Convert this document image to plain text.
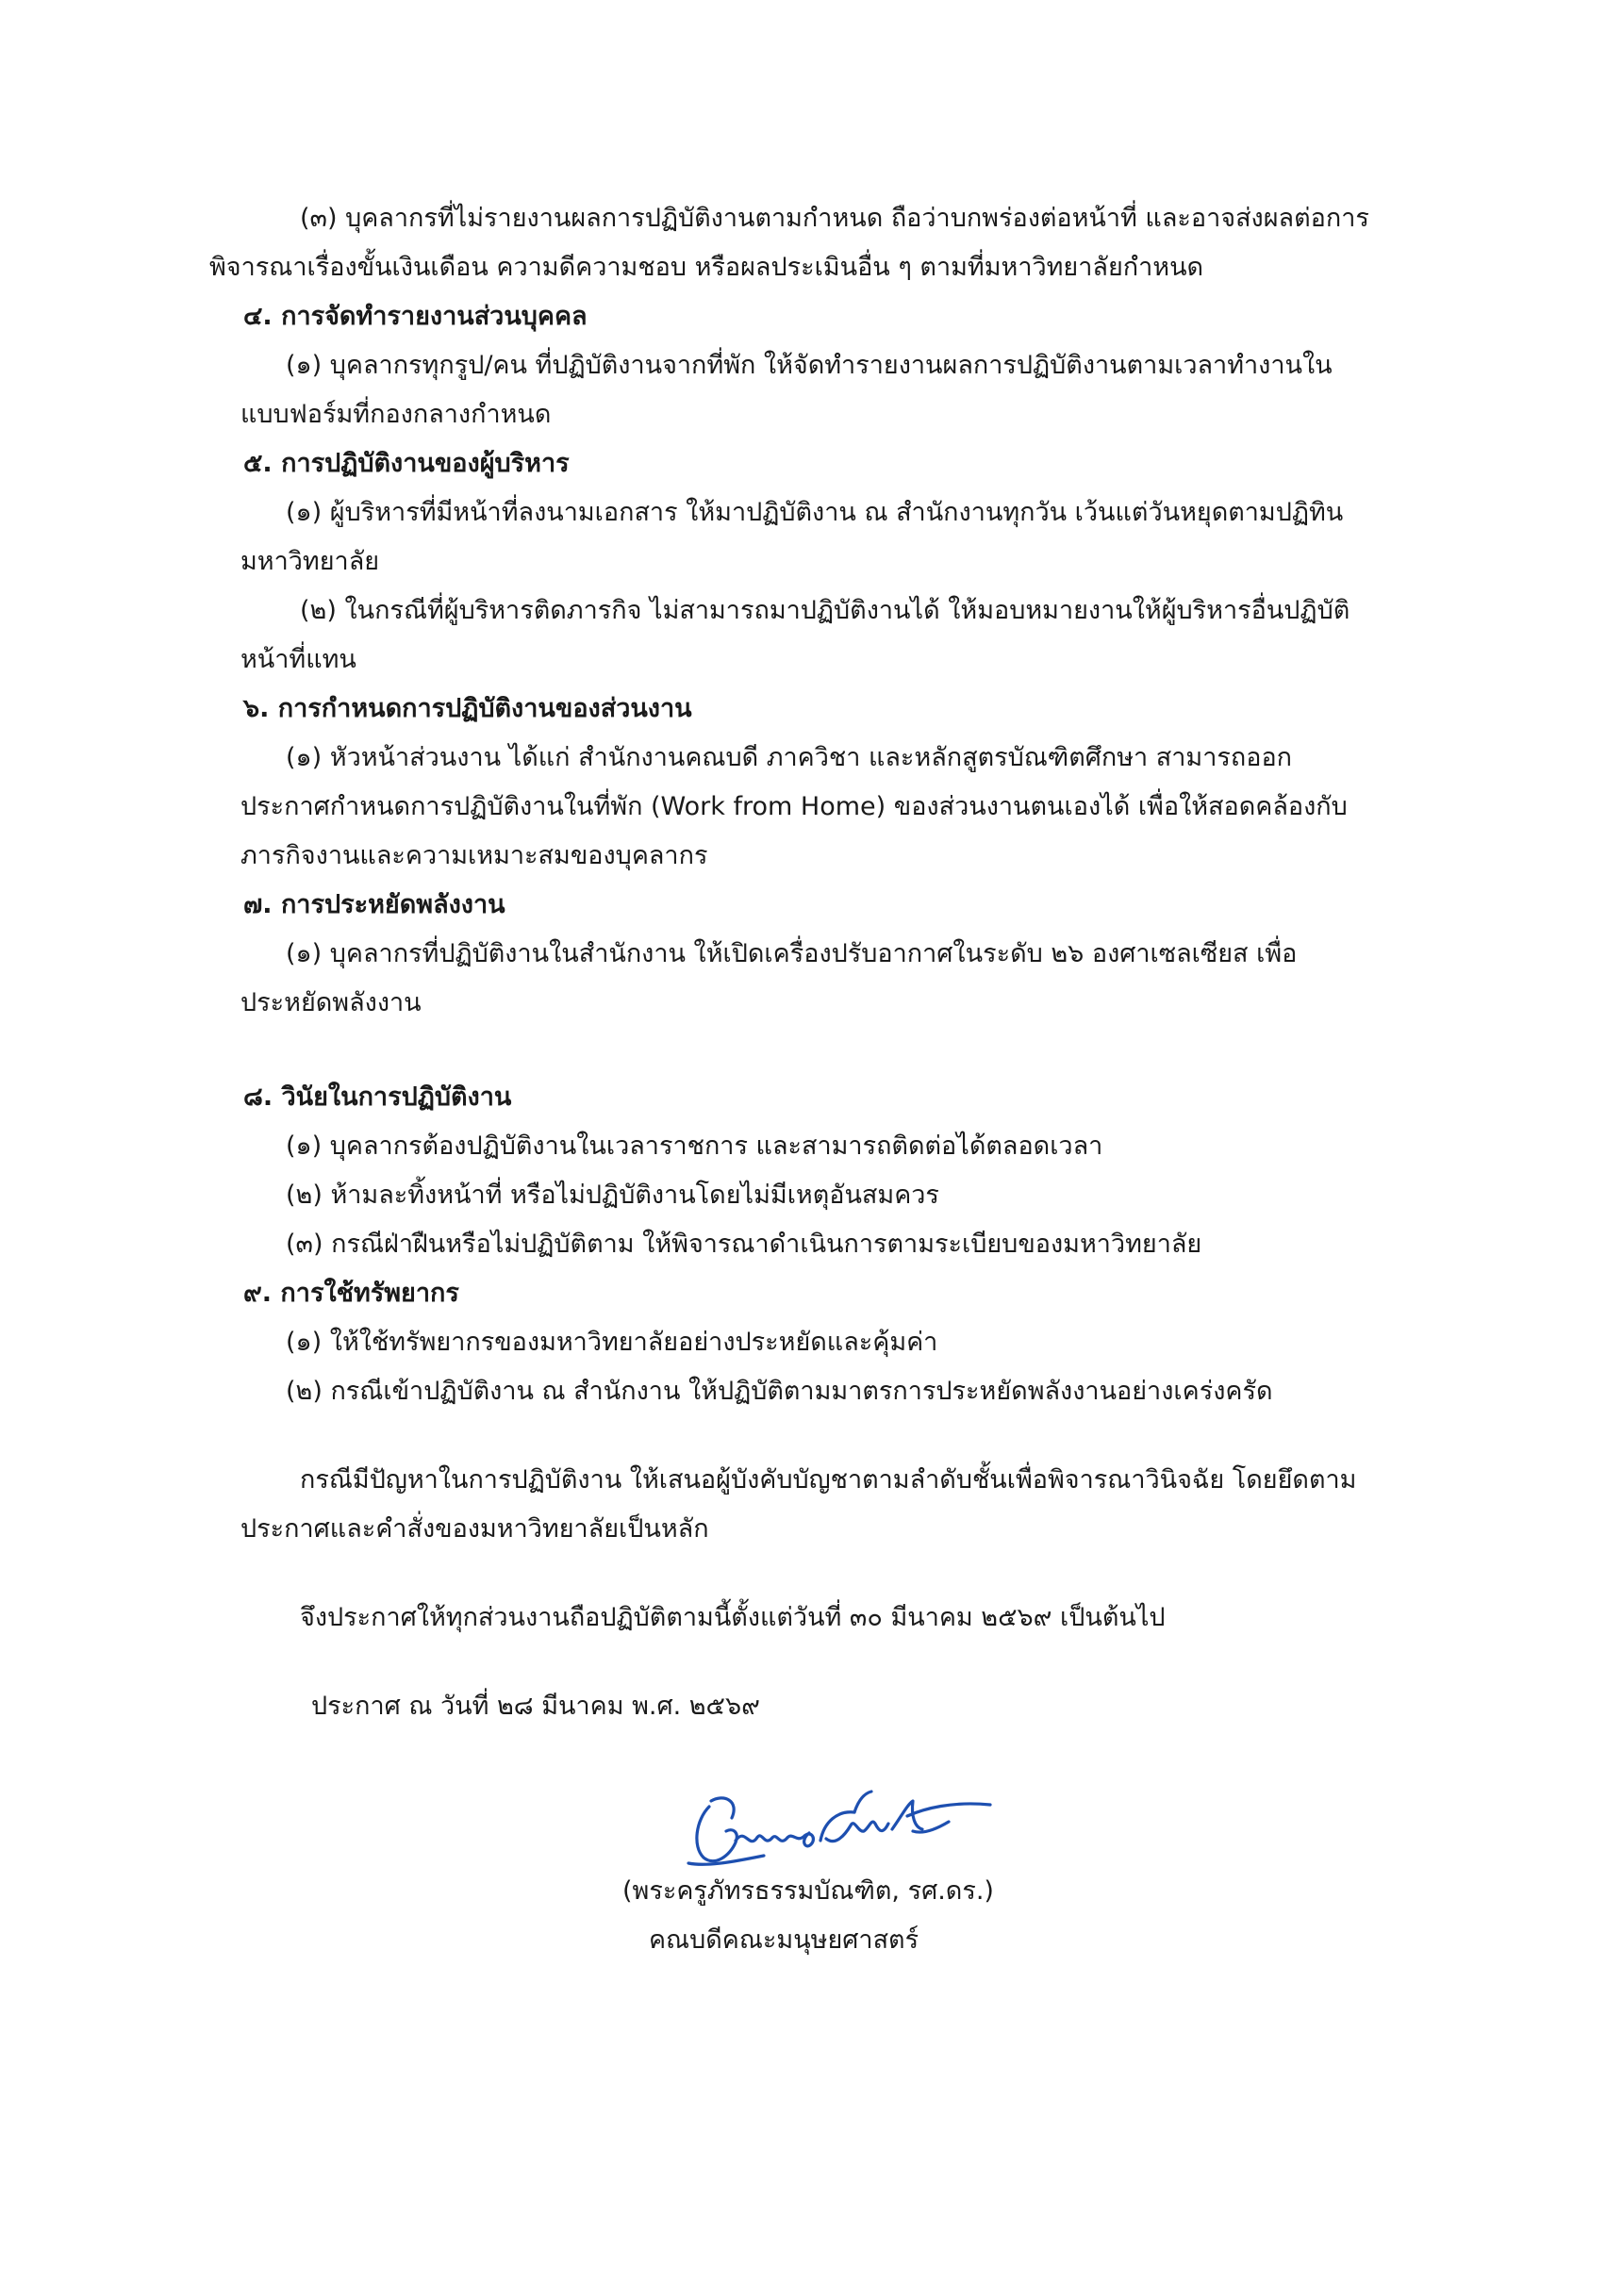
(๓) บุคลากรที่ไม่รายงานผลการปฏิบัติงานตามกำหนด ถือว่าบกพร่องต่อหน้าที่ และอาจส่งผลต่อการ
พิจารณาเรื่องขั้นเงินเดือน ความดีความชอบ หรือผลประเมินอื่น ๆ ตามที่มหาวิทยาลัยกำหนด
๔. การจัดทำรายงานส่วนบุคคล
(๑) บุคลากรทุกรูป/คน ที่ปฏิบัติงานจากที่พัก ให้จัดทำรายงานผลการปฏิบัติงานตามเวลาทำงานใน
แบบฟอร์มที่กองกลางกำหนด
๕. การปฏิบัติงานของผู้บริหาร
(๑) ผู้บริหารที่มีหน้าที่ลงนามเอกสาร ให้มาปฏิบัติงาน ณ สำนักงานทุกวัน เว้นแต่วันหยุดตามปฏิทิน
มหาวิทยาลัย
(๒) ในกรณีที่ผู้บริหารติดภารกิจ ไม่สามารถมาปฏิบัติงานได้ ให้มอบหมายงานให้ผู้บริหารอื่นปฏิบัติ
หน้าที่แทน
๖. การกำหนดการปฏิบัติงานของส่วนงาน
(๑) หัวหน้าส่วนงาน ได้แก่ สำนักงานคณบดี ภาควิชา และหลักสูตรบัณฑิตศึกษา สามารถออก
ประกาศกำหนดการปฏิบัติงานในที่พัก (Work from Home) ของส่วนงานตนเองได้ เพื่อให้สอดคล้องกับ
ภารกิจงานและความเหมาะสมของบุคลากร
๗. การประหยัดพลังงาน
(๑) บุคลากรที่ปฏิบัติงานในสำนักงาน ให้เปิดเครื่องปรับอากาศในระดับ ๒๖ องศาเซลเซียส เพื่อ
ประหยัดพลังงาน
๘. วินัยในการปฏิบัติงาน
(๑) บุคลากรต้องปฏิบัติงานในเวลาราชการ และสามารถติดต่อได้ตลอดเวลา
(๒) ห้ามละทิ้งหน้าที่ หรือไม่ปฏิบัติงานโดยไม่มีเหตุอันสมควร
(๓) กรณีฝ่าฝืนหรือไม่ปฏิบัติตาม ให้พิจารณาดำเนินการตามระเบียบของมหาวิทยาลัย
๙. การใช้ทรัพยากร
(๑) ให้ใช้ทรัพยากรของมหาวิทยาลัยอย่างประหยัดและคุ้มค่า
(๒) กรณีเข้าปฏิบัติงาน ณ สำนักงาน ให้ปฏิบัติตามมาตรการประหยัดพลังงานอย่างเคร่งครัด
กรณีมีปัญหาในการปฏิบัติงาน ให้เสนอผู้บังคับบัญชาตามลำดับชั้นเพื่อพิจารณาวินิจฉัย โดยยึดตาม
ประกาศและคำสั่งของมหาวิทยาลัยเป็นหลัก
จึงประกาศให้ทุกส่วนงานถือปฏิบัติตามนี้ตั้งแต่วันที่ ๓๐ มีนาคม ๒๕๖๙ เป็นต้นไป
ประกาศ ณ วันที่ ๒๘ มีนาคม พ.ศ. ๒๕๖๙
(พระครูภัทรธรรมบัณฑิต, รศ.ดร.)
คณบดีคณะมนุษยศาสตร์
